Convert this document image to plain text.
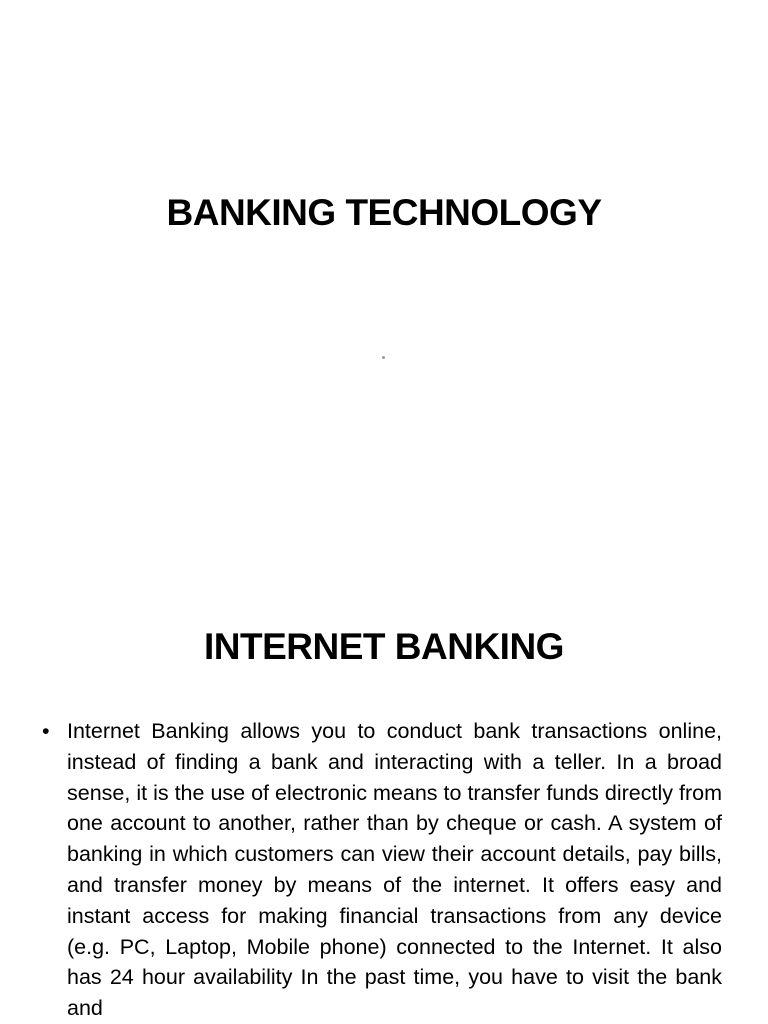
BANKING TECHNOLOGY
INTERNET BANKING
• Internet Banking allows you to conduct bank transactions online, instead of finding a bank and interacting with a teller. In a broad sense, it is the use of electronic means to transfer funds directly from one account to another, rather than by cheque or cash. A system of banking in which customers can view their account details, pay bills, and transfer money by means of the internet. It offers easy and instant access for making financial transactions from any device (e.g. PC, Laptop, Mobile phone) connected to the Internet. It also has 24 hour availability In the past time, you have to visit the bank and
